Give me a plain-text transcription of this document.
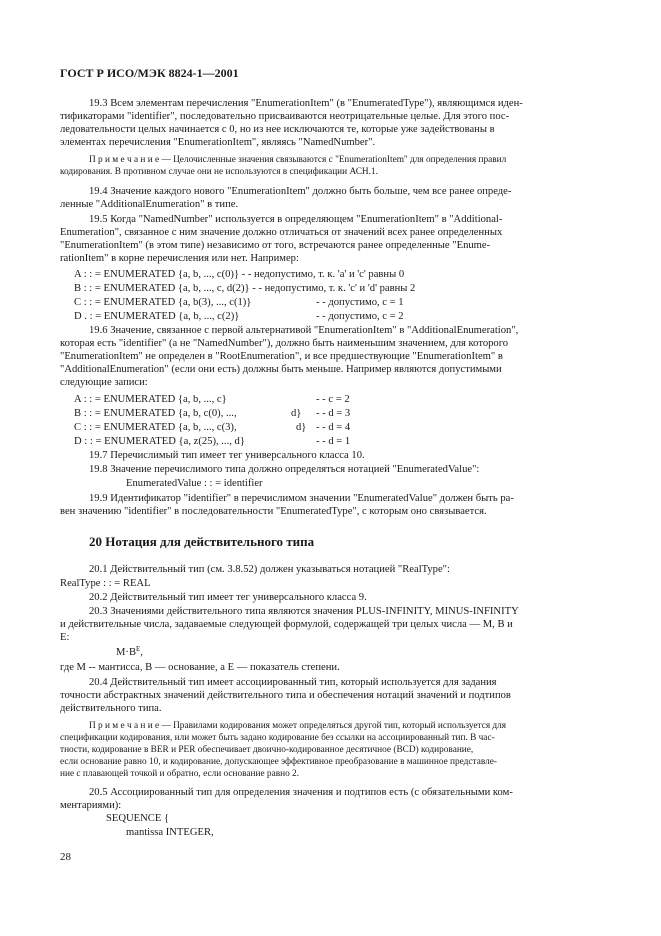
ГОСТ Р ИСО/МЭК 8824-1—2001
19.3 Всем элементам перечисления "EnumerationItem" (в "EnumeratedType"), являющимся иден-
тификаторами "identifier", последовательно присваиваются неотрицательные целые. Для этого пос-
ледовательности целых начинается с 0, но из нее исключаются те, которые уже задействованы в
элементах перечисления "EnumerationItem", являясь "NamedNumber".
П р и м е ч а н и е — Целочисленные значения связываются с "EnumerationItem" для определения правил
кодирования. В противном случае они не используются в спецификации АСН.1.
19.4 Значение каждого нового "EnumerationItem" должно быть больше, чем все ранее опреде-
ленные "AdditionalEnumeration" в типе.
19.5 Когда "NamedNumber" используется в определяющем "EnumerationItem" в "Additional-
Enumeration", связанное с ним значение должно отличаться от значений всех ранее определенных
"EnumerationItem" (в этом типе) независимо от того, встречаются ранее определенные "Enume-
rationItem" в корне перечисления или нет. Например:
A : : = ENUMERATED {a, b, ..., c(0)} - - недопустимо, т. к. 'a' и 'c' равны 0
B : : = ENUMERATED {a, b, ..., c, d(2)} - - недопустимо, т. к. 'c' и 'd' равны 2
C : : = ENUMERATED {a, b(3), ..., c(1)}	- - допустимо, c = 1
D . : = ENUMERATED {a, b, ..., c(2)}	- - допустимо, c = 2
19.6 Значение, связанное с первой альтернативой "EnumerationItem" в "AdditionalEnumeration",
которая есть "identifier" (а не "NamedNumber"), должно быть наименьшим значением, для которого
"EnumerationItem" не определен в "RootEnumeration", и все предшествующие "EnumerationItem" в
"AdditionalEnumeration" (если они есть) должны быть меньше. Например являются допустимыми
следующие записи:
A : : = ENUMERATED {a, b, ..., c}	- - c = 2
B : : = ENUMERATED {a, b, c(0), ...,	d} - - d = 3
C : : = ENUMERATED {a, b, ..., c(3),	d} - - d = 4
D : : = ENUMERATED {a, z(25), ..., d}	- - d = 1
19.7 Перечислимый тип имеет тег универсального класса 10.
19.8 Значение перечислимого типа должно определяться нотацией "EnumeratedValue":
EnumeratedValue : : = identifier
19.9 Идентификатор "identifier" в перечислимом значении "EnumeratedValue" должен быть ра-
вен значению "identifier" в последовательности "EnumeratedType", с которым оно связывается.
20 Нотация для действительного типа
20.1 Действительный тип (см. 3.8.52) должен указываться нотацией "RealType":
RealType : : = REAL
20.2 Действительный тип имеет тег универсального класса 9.
20.3 Значениями действительного типа являются значения PLUS-INFINITY, MINUS-INFINITY
и действительные числа, задаваемые следующей формулой, содержащей три целых числа — M, B и
E:
$M\cdot B^E$,
где M -- мантисса, B — основание, а E — показатель степени.
20.4 Действительный тип имеет ассоциированный тип, который используется для задания
точности абстрактных значений действительного типа и обеспечения нотаций значений и подтипов
действительного типа.
П р и м е ч а н и е — Правилами кодирования может определяться другой тип, который используется для
спецификации кодирования, или может быть задано кодирование без ссылки на ассоциированный тип. В час-
тности, кодирование в BER и PER обеспечивает двоично-кодированное десятичное (BCD) кодирование,
если основание равно 10, и кодирование, допускающее эффективное преобразование в машинное представле-
ние с плавающей точкой и обратно, если основание равно 2.
20.5 Ассоциированный тип для определения значения и подтипов есть (с обязательными ком-
ментариями):
SEQUENCE {
mantissa INTEGER,
28
